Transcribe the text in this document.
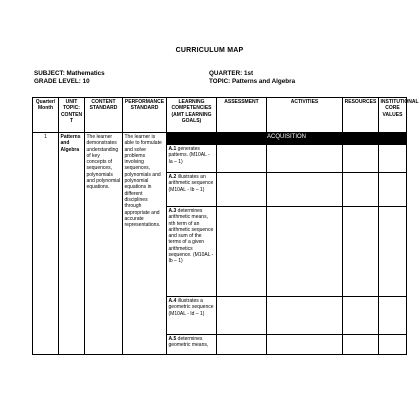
CURRICULUM MAP
SUBJECT: Mathematics
GRADE LEVEL: 10
QUARTER: 1st
TOPIC: Patterns and Algebra
Quarter/ Month	UNIT TOPIC: CONTEN T	CONTENT STANDARD	PERFORMANCE STANDARD	LEARNING COMPETENCIES (AMT LEARNING GOALS)	ASSESSMENT	ACTIVITIES	RESOURCES	INSTITUTIONAL CORE VALUES
1	Patterns and Algebra	The learner demonstrates understanding of key concepts of sequences, polynomials and polynomial equations.	The learner is able to formulate and solve problems involving sequences, polynomials and polynomial equations in different disciplines through appropriate and accurate representations.	ACQUISITION				
				A.1 generates patterns. (M10AL - Ia – 1)				
				A.2 illustrates an arithmetic sequence (M10AL - Ib – 1)				
				A.3 determines arithmetic means, nth term of an arithmetic sequence and sum of the terms of a given arithmetics sequence. (M10AL - Ib – 1)				
				A.4 illustrates a geometric sequence (M10AL - Id – 1)				
				A.5 determines geometric means,				
